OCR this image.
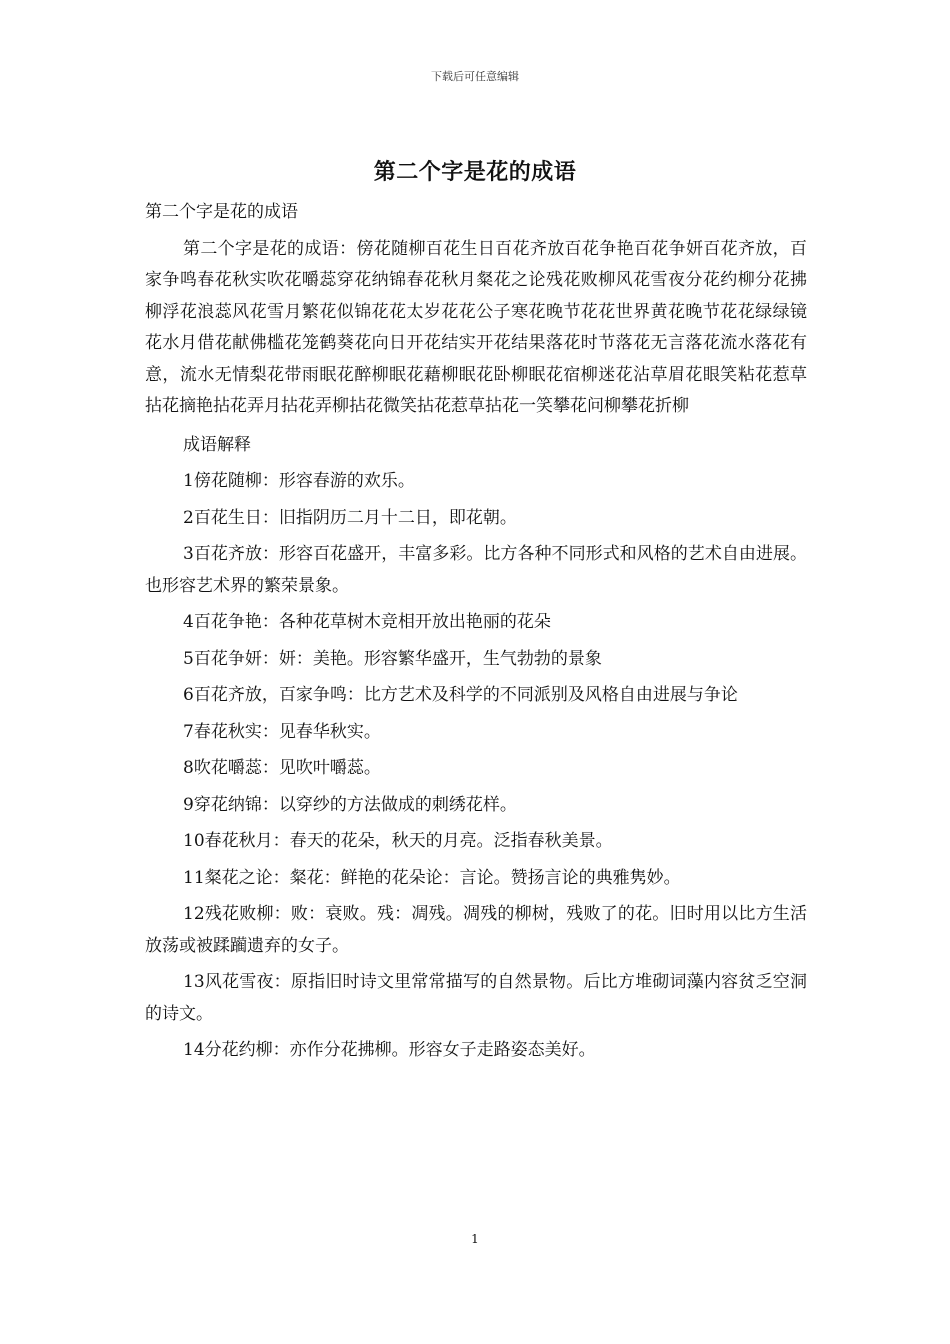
下载后可任意编辑
第二个字是花的成语

第二个字是花的成语

第二个字是花的成语：傍花随柳百花生日百花齐放百花争艳百花争妍百花齐放，百家争鸣春花秋实吹花嚼蕊穿花纳锦春花秋月粲花之论残花败柳风花雪夜分花约柳分花拂柳浮花浪蕊风花雪月繁花似锦花花太岁花花公子寒花晚节花花世界黄花晚节花花绿绿镜花水月借花献佛槛花笼鹤葵花向日开花结实开花结果落花时节落花无言落花流水落花有意，流水无情梨花带雨眠花醉柳眠花藉柳眠花卧柳眠花宿柳迷花沾草眉花眼笑粘花惹草拈花摘艳拈花弄月拈花弄柳拈花微笑拈花惹草拈花一笑攀花问柳攀花折柳

成语解释

1傍花随柳：形容春游的欢乐。

2百花生日：旧指阴历二月十二日，即花朝。

3百花齐放：形容百花盛开，丰富多彩。比方各种不同形式和风格的艺术自由进展。也形容艺术界的繁荣景象。

4百花争艳：各种花草树木竞相开放出艳丽的花朵

5百花争妍：妍：美艳。形容繁华盛开，生气勃勃的景象

6百花齐放，百家争鸣：比方艺术及科学的不同派别及风格自由进展与争论

7春花秋实：见春华秋实。

8吹花嚼蕊：见吹叶嚼蕊。

9穿花纳锦：以穿纱的方法做成的刺绣花样。

10春花秋月：春天的花朵，秋天的月亮。泛指春秋美景。

11粲花之论：粲花：鲜艳的花朵论：言论。赞扬言论的典雅隽妙。

12残花败柳：败：衰败。残：凋残。凋残的柳树，残败了的花。旧时用以比方生活放荡或被蹂躏遗弃的女子。

13风花雪夜：原指旧时诗文里常常描写的自然景物。后比方堆砌词藻内容贫乏空洞的诗文。

14分花约柳：亦作分花拂柳。形容女子走路姿态美好。

1
